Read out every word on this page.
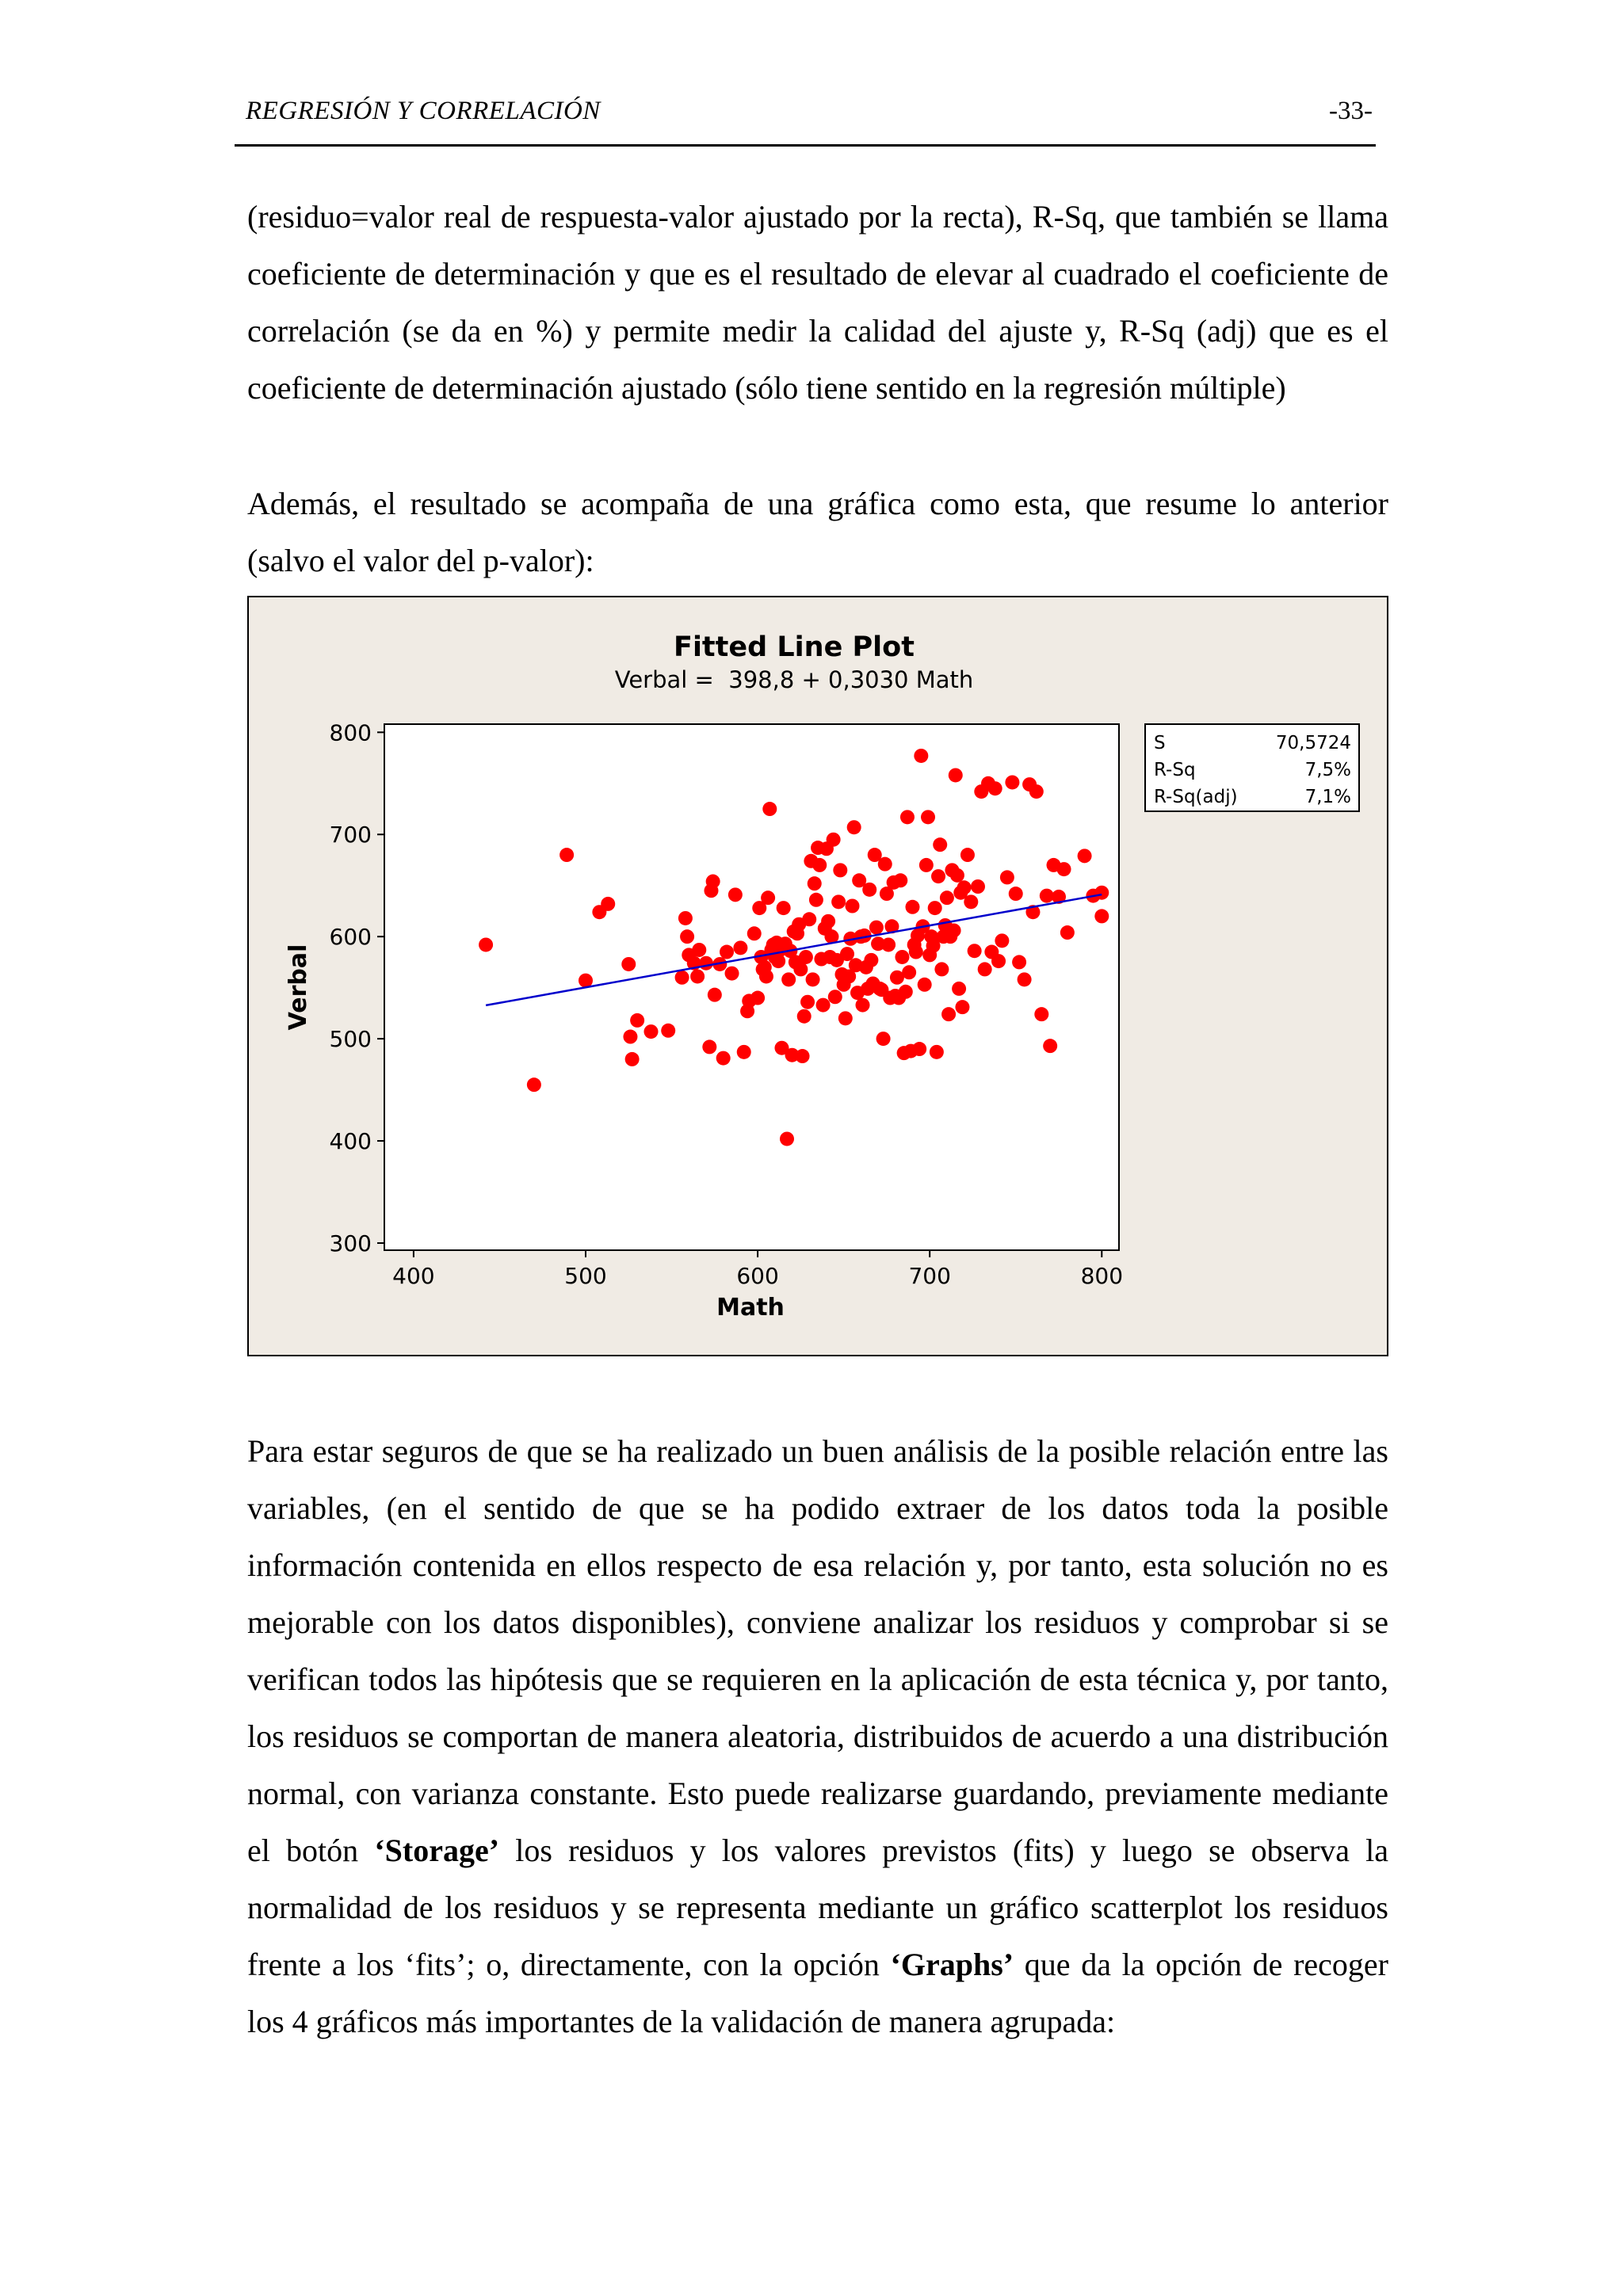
REGRESIÓN Y CORRELACIÓN	-33-

(residuo=valor real de respuesta-valor ajustado por la recta), R-Sq, que también se llama coeficiente de determinación y que es el resultado de elevar al cuadrado el coeficiente de correlación (se da en %) y permite medir la calidad del ajuste y, R-Sq (adj) que es el coeficiente de determinación ajustado (sólo tiene sentido en la regresión múltiple)

Además, el resultado se acompaña de una gráfica como esta, que resume lo anterior (salvo el valor del p-valor):

Fitted Line Plot
Verbal =  398,8 + 0,3030 Math
300
400
500
600
700
800
400	500	600	700	800
Math
Verbal
S	70,5724
R-Sq	7,5%
R-Sq(adj)	7,1%

Para estar seguros de que se ha realizado un buen análisis de la posible relación entre las variables, (en el sentido de que se ha podido extraer de los datos toda la posible información contenida en ellos respecto de esa relación y, por tanto, esta solución no es mejorable con los datos disponibles), conviene analizar los residuos y comprobar si se verifican todos las hipótesis que se requieren en la aplicación de esta técnica y, por tanto, los residuos se comportan de manera aleatoria, distribuidos de acuerdo a una distribución normal, con varianza constante. Esto puede realizarse guardando, previamente mediante el botón ‘Storage’ los residuos y los valores previstos (fits) y luego se observa la normalidad de los residuos y se representa mediante un gráfico scatterplot los residuos frente a los ‘fits’; o, directamente, con la opción ‘Graphs’ que da la opción de recoger los 4 gráficos más importantes de la validación de manera agrupada:
